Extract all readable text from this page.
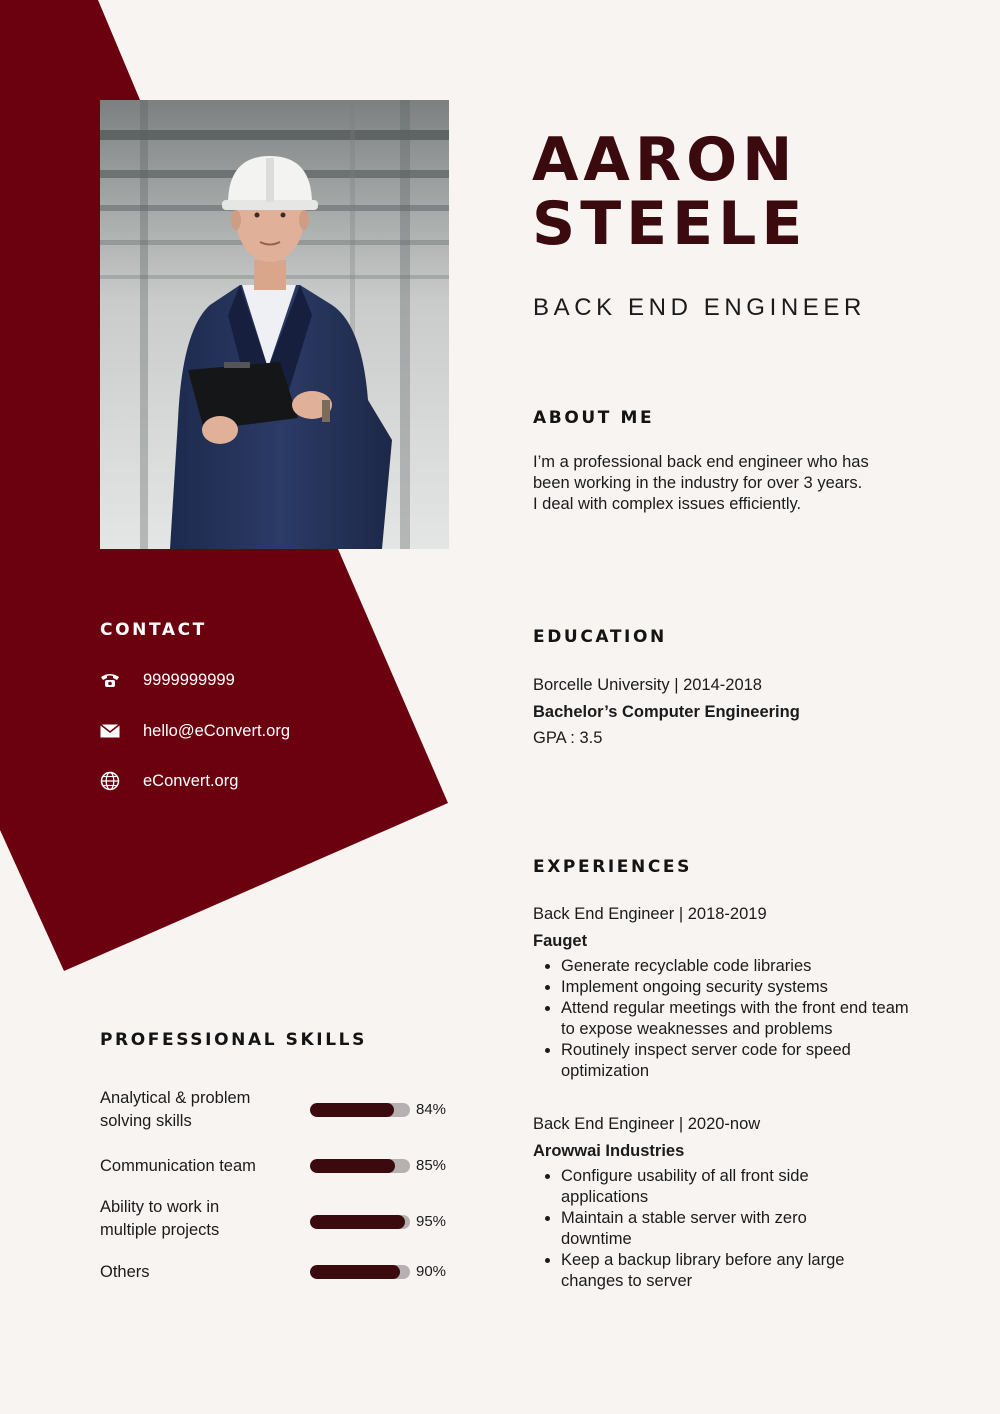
AARON
STEELE
BACK END ENGINEER
ABOUT ME
I’m a professional back end engineer who has
been working in the industry for over 3 years.
I deal with complex issues efficiently.
CONTACT
9999999999
hello@eConvert.org
eConvert.org
EDUCATION
Borcelle University | 2014-2018
Bachelor’s Computer Engineering
GPA : 3.5
EXPERIENCES
Back End Engineer | 2018-2019
Fauget
• Generate recyclable code libraries
• Implement ongoing security systems
• Attend regular meetings with the front end team to expose weaknesses and problems
• Routinely inspect server code for speed optimization
Back End Engineer | 2020-now
Arowwai Industries
• Configure usability of all front side applications
• Maintain a stable server with zero downtime
• Keep a backup library before any large changes to server
PROFESSIONAL SKILLS
Analytical & problem
solving skills
84%
Communication team	85%
Ability to work in
multiple projects	95%
Others	90%
